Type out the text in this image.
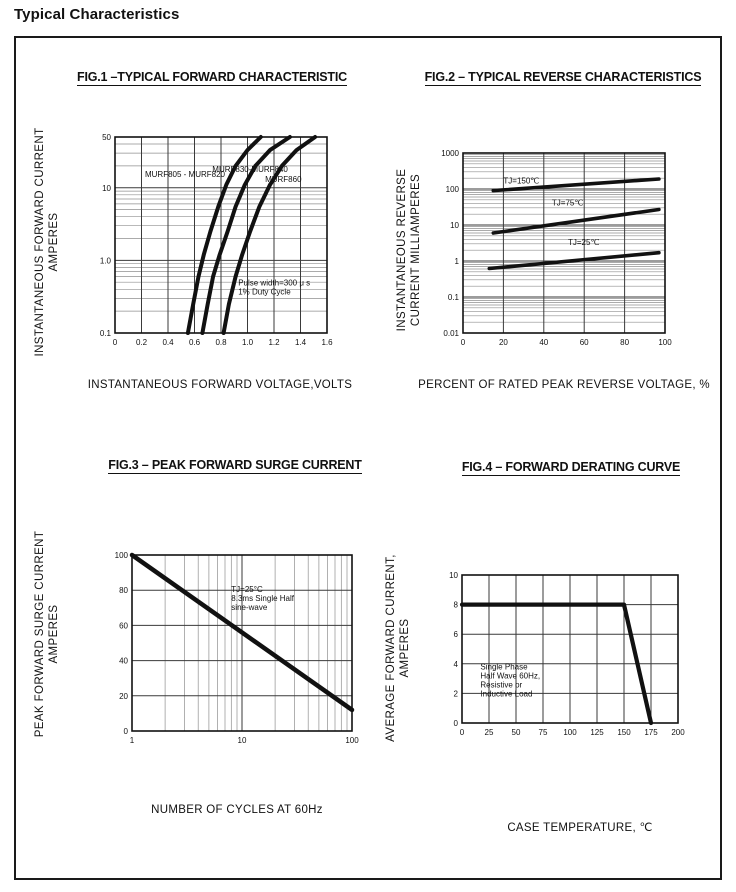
Typical Characteristics
FIG.1 –TYPICAL FORWARD CHARACTERISTIC
INSTANTANEOUS FORWARD CURRENT AMPERES
0 0.2 0.4 0.6 0.8 1.0 1.2 1.4 1.6
0.1
1.0
10
50
MURF805 - MURF820
MURF830-MURF840
MURF860
Pulse width=300 μ s
1% Duty Cycle
INSTANTANEOUS FORWARD VOLTAGE,VOLTS
FIG.2 – TYPICAL REVERSE CHARACTERISTICS
INSTANTANEOUS REVERSE CURRENT MILLIAMPERES
0	20	40	60	80	100
0.01
0.1
1
10
100
1000
TJ=150℃
TJ=75℃
TJ=25℃
PERCENT OF RATED PEAK REVERSE VOLTAGE, %
FIG.3 – PEAK FORWARD SURGE CURRENT
PEAK FORWARD SURGE CURRENT AMPERES
1	10	100
0
20
40
60
80
100
TJ=25°C
8.3ms Single Half
sine-wave
NUMBER OF CYCLES AT 60Hz
FIG.4 – FORWARD DERATING CURVE
AVERAGE FORWARD CURRENT, AMPERES
0	25 50 75 100 125 150 175 200
0
2
4
6
8
10
Single Phase
Half Wave 60Hz,
Resistive or
Inductive Load
CASE TEMPERATURE, ℃
